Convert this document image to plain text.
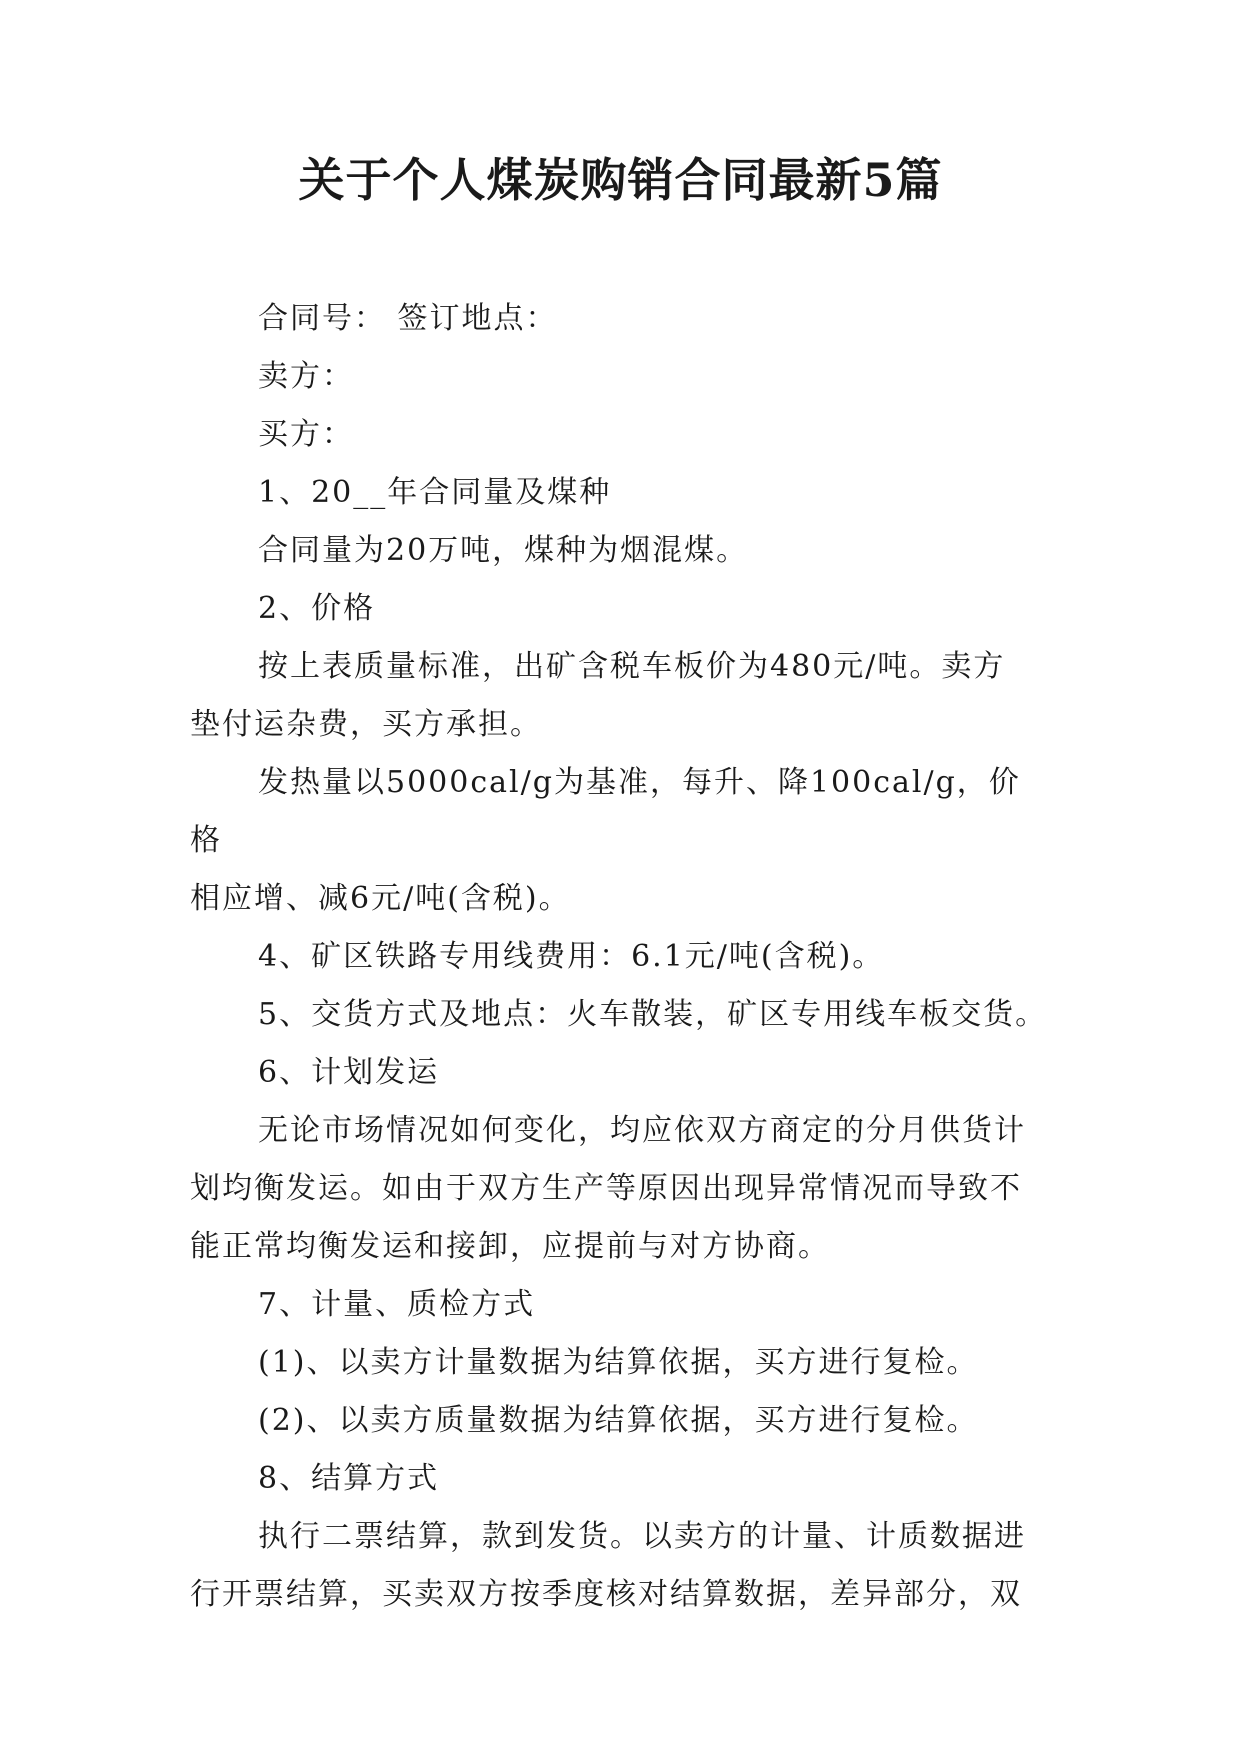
关于个人煤炭购销合同最新5篇

合同号： 签订地点：

卖方：

买方：

1、20__年合同量及煤种

合同量为20万吨，煤种为烟混煤。

2、价格

按上表质量标准，出矿含税车板价为480元/吨。卖方
垫付运杂费，买方承担。

发热量以5000cal/g为基准，每升、降100cal/g，价格
相应增、减6元/吨(含税)。

4、矿区铁路专用线费用：6.1元/吨(含税)。

5、交货方式及地点：火车散装，矿区专用线车板交货。

6、计划发运

无论市场情况如何变化，均应依双方商定的分月供货计
划均衡发运。如由于双方生产等原因出现异常情况而导致不
能正常均衡发运和接卸，应提前与对方协商。

7、计量、质检方式

(1)、以卖方计量数据为结算依据，买方进行复检。

(2)、以卖方质量数据为结算依据，买方进行复检。

8、结算方式

执行二票结算，款到发货。以卖方的计量、计质数据进
行开票结算，买卖双方按季度核对结算数据，差异部分，双
